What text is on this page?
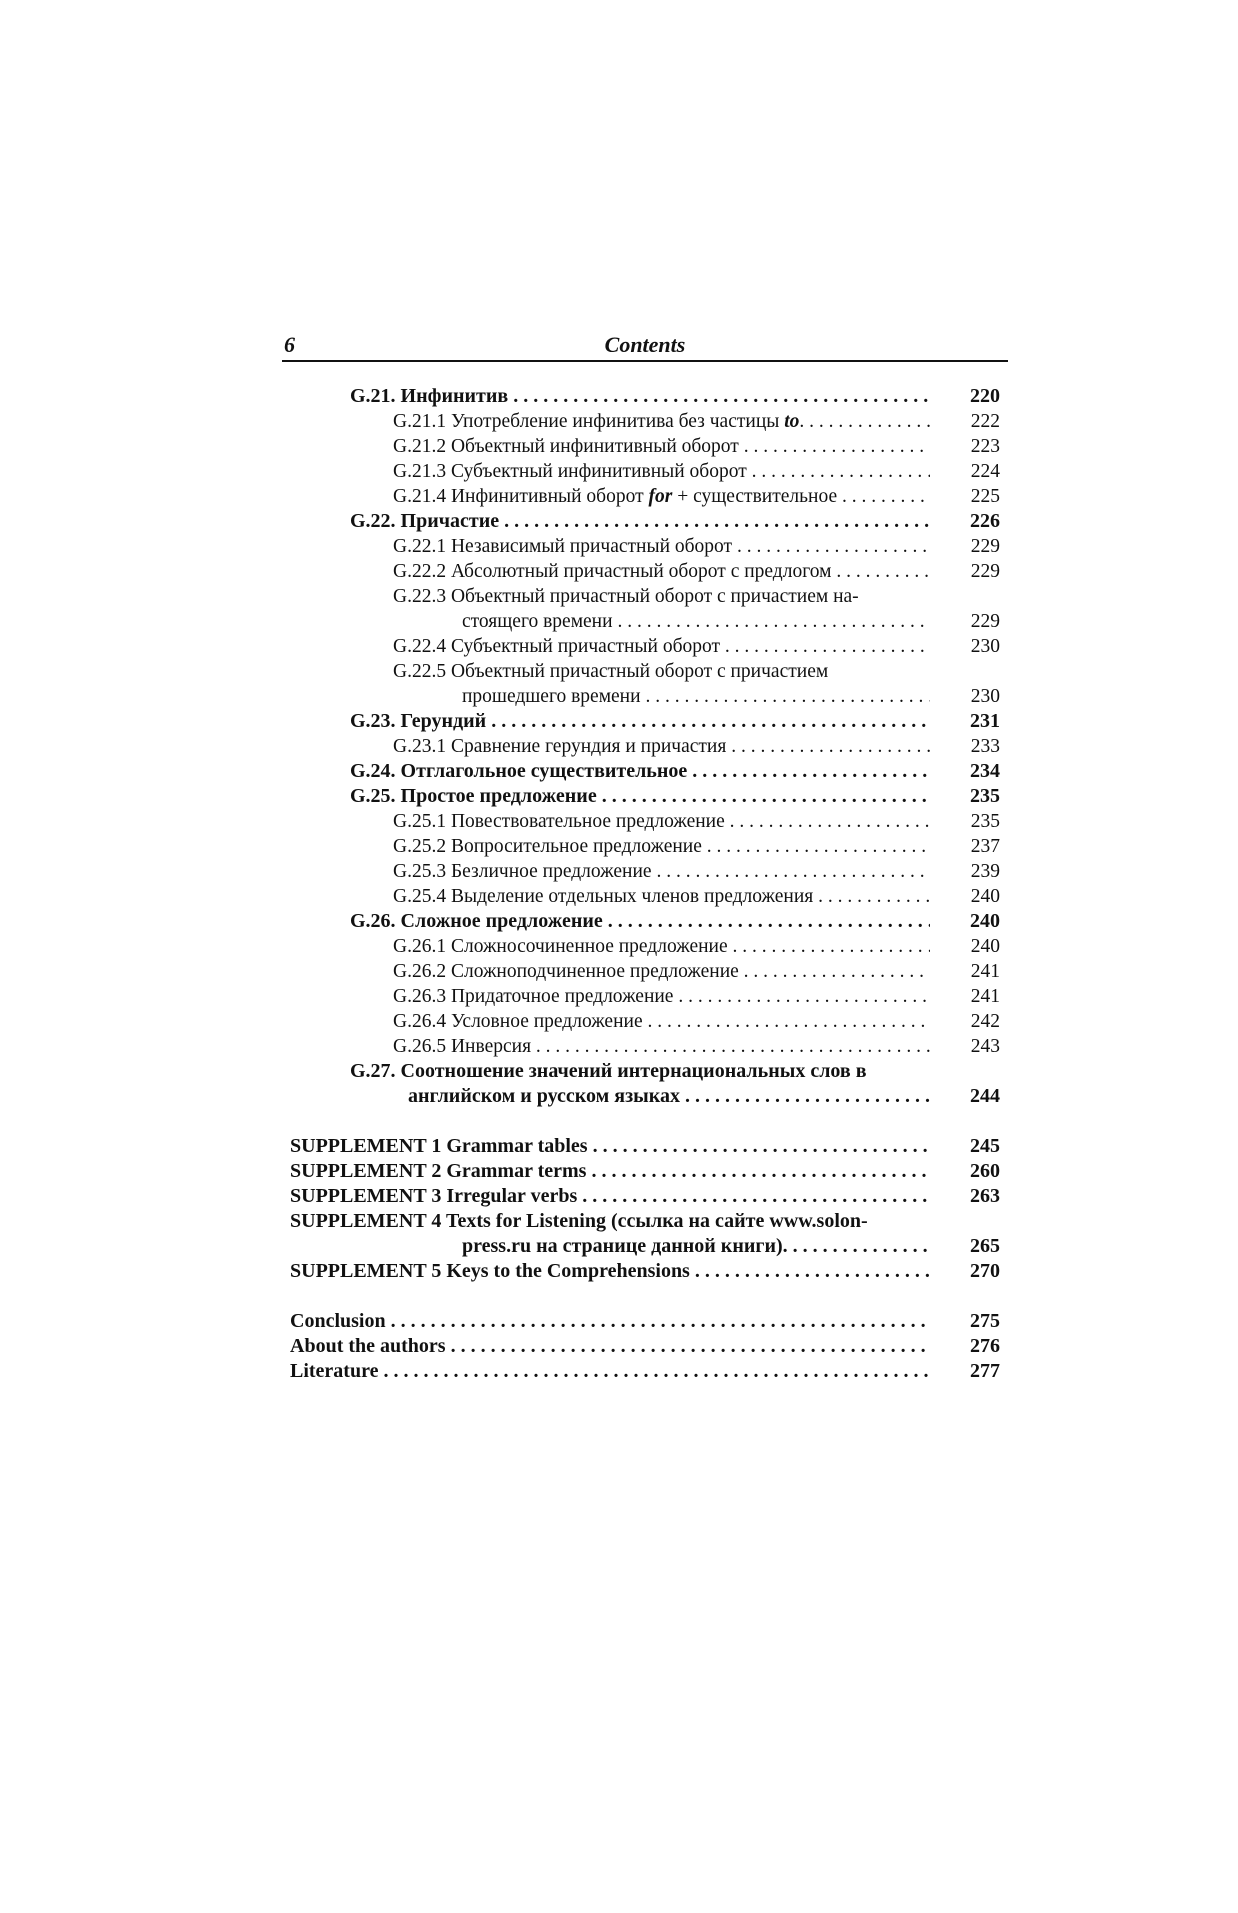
6	Contents
G.21. Инфинитив . . .	220
G.21.1 Употребление инфинитива без частицы to. . . .	222
G.21.2 Объектный инфинитивный оборот . . .	223
G.21.3 Субъектный инфинитивный оборот . . .	224
G.21.4 Инфинитивный оборот for + существительное . . .	225
G.22. Причастие . . .	226
G.22.1 Независимый причастный оборот . . .	229
G.22.2 Абсолютный причастный оборот с предлогом . . .	229
G.22.3 Объектный причастный оборот с причастием на-
стоящего времени . . .	229
G.22.4 Субъектный причастный оборот . . .	230
G.22.5 Объектный причастный оборот с причастием
прошедшего времени . . .	230
G.23. Герундий . . .	231
G.23.1 Сравнение герундия и причастия . . .	233
G.24. Отглагольное существительное . . .	234
G.25. Простое предложение . . .	235
G.25.1 Повествовательное предложение . . .	235
G.25.2 Вопросительное предложение . . .	237
G.25.3 Безличное предложение . . .	239
G.25.4 Выделение отдельных членов предложения . . .	240
G.26. Сложное предложение . . .	240
G.26.1 Сложносочиненное предложение . . .	240
G.26.2 Сложноподчиненное предложение . . .	241
G.26.3 Придаточное предложение . . .	241
G.26.4 Условное предложение . . .	242
G.26.5 Инверсия . . .	243
G.27. Соотношение значений интернациональных слов в
английском и русском языках . . .	244
SUPPLEMENT 1 Grammar tables . . .	245
SUPPLEMENT 2 Grammar terms . . .	260
SUPPLEMENT 3 Irregular verbs . . .	263
SUPPLEMENT 4 Texts for Listening (ссылка на сайте www.solon-
press.ru на странице данной книги). . . .	265
SUPPLEMENT 5 Keys to the Comprehensions . . .	270
Conclusion . . .	275
About the authors . . .	276
Literature . . .	277
